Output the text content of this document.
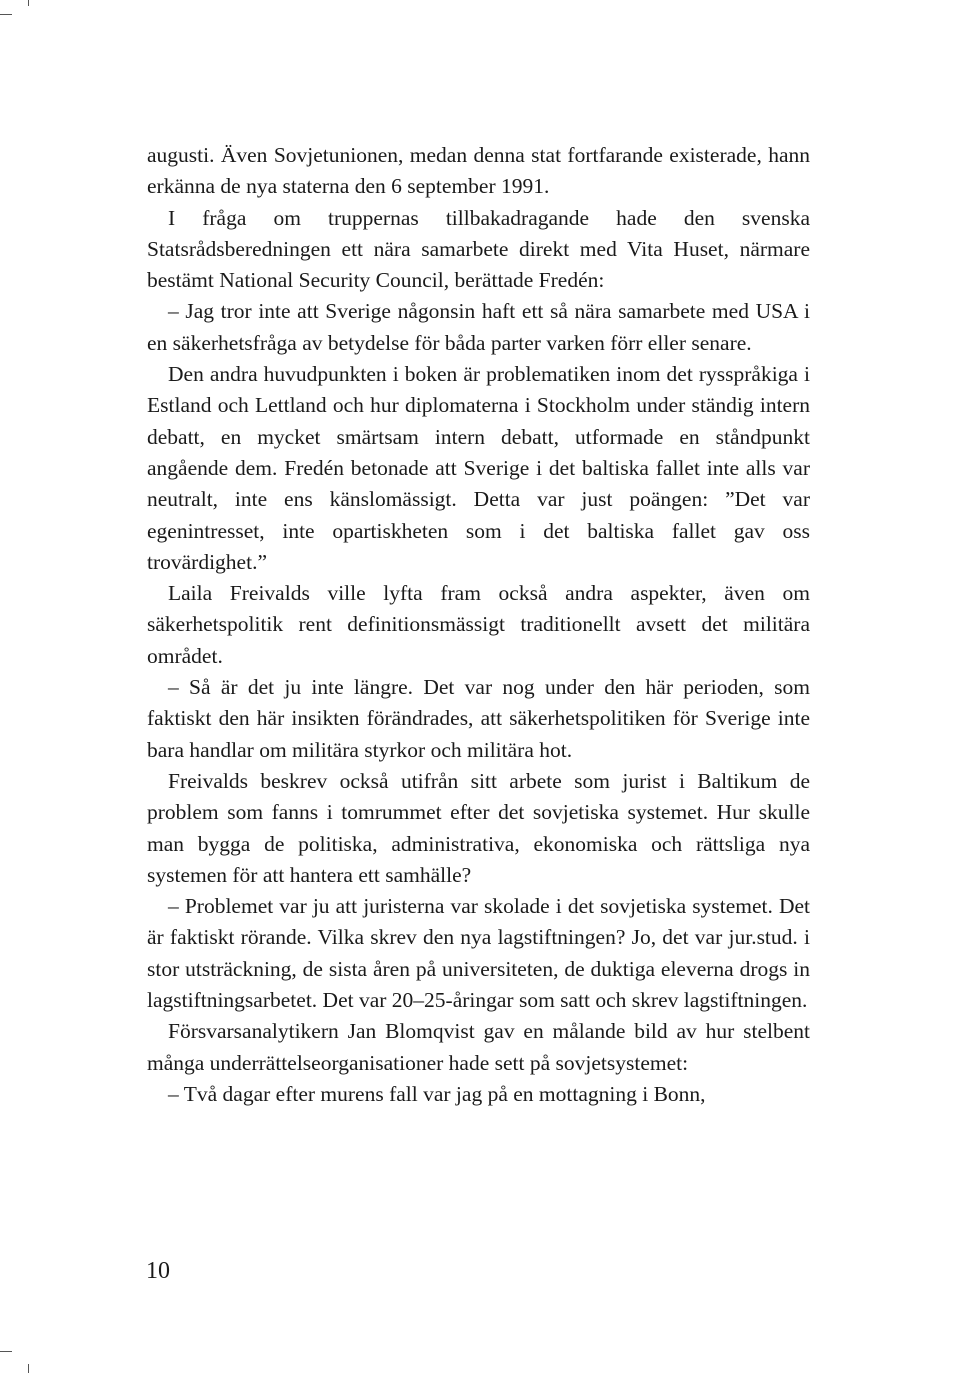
augusti. Även Sovjetunionen, medan denna stat fortfarande existerade, hann erkänna de nya staterna den 6 september 1991.

I fråga om truppernas tillbakadragande hade den svenska Statsrådsberedningen ett nära samarbete direkt med Vita Huset, närmare bestämt National Security Council, berättade Fredén:

– Jag tror inte att Sverige någonsin haft ett så nära samarbete med USA i en säkerhetsfråga av betydelse för båda parter varken förr eller senare.

Den andra huvudpunkten i boken är problematiken inom det rysspråkiga i Estland och Lettland och hur diplomaterna i Stockholm under ständig intern debatt, en mycket smärtsam intern debatt, utformade en ståndpunkt angående dem. Fredén betonade att Sverige i det baltiska fallet inte alls var neutralt, inte ens känslomässigt. Detta var just poängen: ”Det var egenintresset, inte opartiskheten som i det baltiska fallet gav oss trovärdighet.”

Laila Freivalds ville lyfta fram också andra aspekter, även om säkerhetspolitik rent definitionsmässigt traditionellt avsett det militära området.

– Så är det ju inte längre. Det var nog under den här perioden, som faktiskt den här insikten förändrades, att säkerhetspolitiken för Sverige inte bara handlar om militära styrkor och militära hot.

Freivalds beskrev också utifrån sitt arbete som jurist i Baltikum de problem som fanns i tomrummet efter det sovjetiska systemet. Hur skulle man bygga de politiska, administrativa, ekonomiska och rättsliga nya systemen för att hantera ett samhälle?

– Problemet var ju att juristerna var skolade i det sovjetiska systemet. Det är faktiskt rörande. Vilka skrev den nya lagstiftningen? Jo, det var jur.stud. i stor utsträckning, de sista åren på universiteten, de duktiga eleverna drogs in lagstiftningsarbetet. Det var 20–25-åringar som satt och skrev lagstiftningen.

Försvarsanalytikern Jan Blomqvist gav en målande bild av hur stelbent många underrättelseorganisationer hade sett på sovjetsystemet:

– Två dagar efter murens fall var jag på en mottagning i Bonn,

10
